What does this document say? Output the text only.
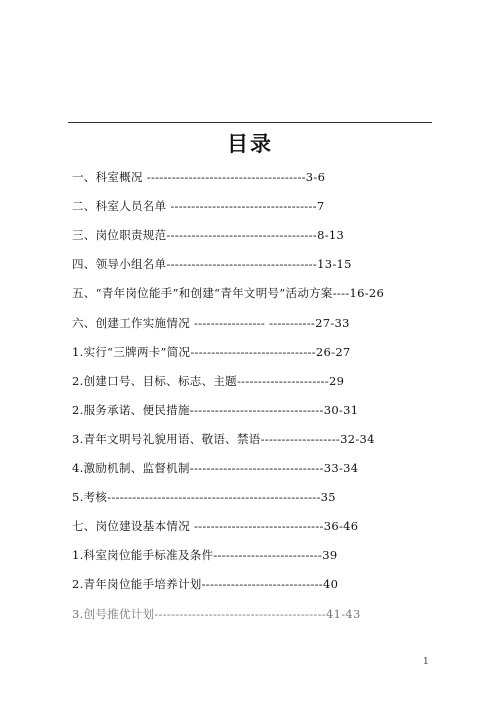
目录
一、科室概况 --------------------------------------3-6
二、科室人员名单 -----------------------------------7
三、岗位职责规范------------------------------------8-13
四、领导小组名单------------------------------------13-15
五、“青年岗位能手”和创建“青年文明号”活动方案----16-26
六、创建工作实施情况 ----------------- -----------27-33
1.实行“三牌两卡”简况------------------------------26-27
2.创建口号、目标、标志、主题----------------------29
2.服务承诺、便民措施--------------------------------30-31
3.青年文明号礼貌用语、敬语、禁语-------------------32-34
4.激励机制、监督机制--------------------------------33-34
5.考核---------------------------------------------------35
七、岗位建设基本情况 -------------------------------36-46
1.科室岗位能手标准及条件--------------------------39
2.青年岗位能手培养计划-----------------------------40
3.创号推优计划-----------------------------------------41-43
1
